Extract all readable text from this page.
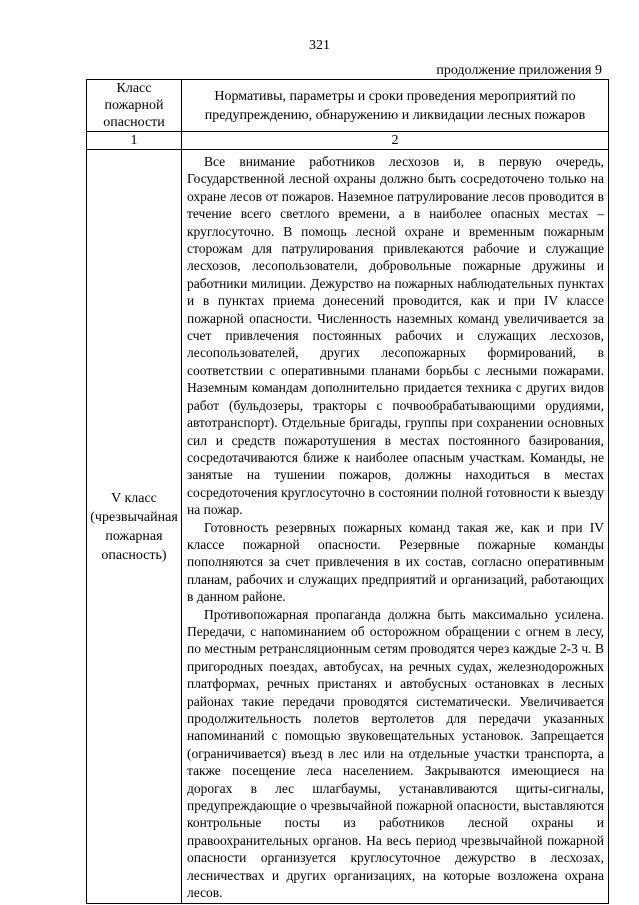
321
продолжение приложения 9
Класс пожарной опасности	Нормативы, параметры и сроки проведения мероприятий по предупреждению, обнаружению и ликвидации лесных пожаров
1	2
V класс (чрезвычайная пожарная опасность)	Все внимание работников лесхозов и, в первую очередь, Государственной лесной охраны должно быть сосредоточено только на охране лесов от пожаров. Наземное патрулирование лесов проводится в течение всего светлого времени, а в наиболее опасных местах – круглосуточно. В помощь лесной охране и временным пожарным сторожам для патрулирования привлекаются рабочие и служащие лесхозов, лесопользователи, добровольные пожарные дружины и работники милиции. Дежурство на пожарных наблюдательных пунктах и в пунктах приема донесений проводится, как и при IV классе пожарной опасности. Численность наземных команд увеличивается за счет привлечения постоянных рабочих и служащих лесхозов, лесопользователей, других лесопожарных формирований, в соответствии с оперативными планами борьбы с лесными пожарами. Наземным командам дополнительно придается техника с других видов работ (бульдозеры, тракторы с почвообрабатывающими орудиями, автотранспорт). Отдельные бригады, группы при сохранении основных сил и средств пожаротушения в местах постоянного базирования, сосредотачиваются ближе к наиболее опасным участкам. Команды, не занятые на тушении пожаров, должны находиться в местах сосредоточения круглосуточно в состоянии полной готовности к выезду на пожар.

Готовность резервных пожарных команд такая же, как и при IV классе пожарной опасности. Резервные пожарные команды пополняются за счет привлечения в их состав, согласно оперативным планам, рабочих и служащих предприятий и организаций, работающих в данном районе.

Противопожарная пропаганда должна быть максимально усилена. Передачи, с напоминанием об осторожном обращении с огнем в лесу, по местным ретрансляционным сетям проводятся через каждые 2-3 ч. В пригородных поездах, автобусах, на речных судах, железнодорожных платформах, речных пристанях и автобусных остановках в лесных районах такие передачи проводятся систематически. Увеличивается продолжительность полетов вертолетов для передачи указанных напоминаний с помощью звуковещательных установок. Запрещается (ограничивается) въезд в лес или на отдельные участки транспорта, а также посещение леса населением. Закрываются имеющиеся на дорогах в лес шлагбаумы, устанавливаются щиты-сигналы, предупреждающие о чрезвычайной пожарной опасности, выставляются контрольные посты из работников лесной охраны и правоохранительных органов. На весь период чрезвычайной пожарной опасности организуется круглосуточное дежурство в лесхозах, лесничествах и других организациях, на которые возложена охрана лесов.
